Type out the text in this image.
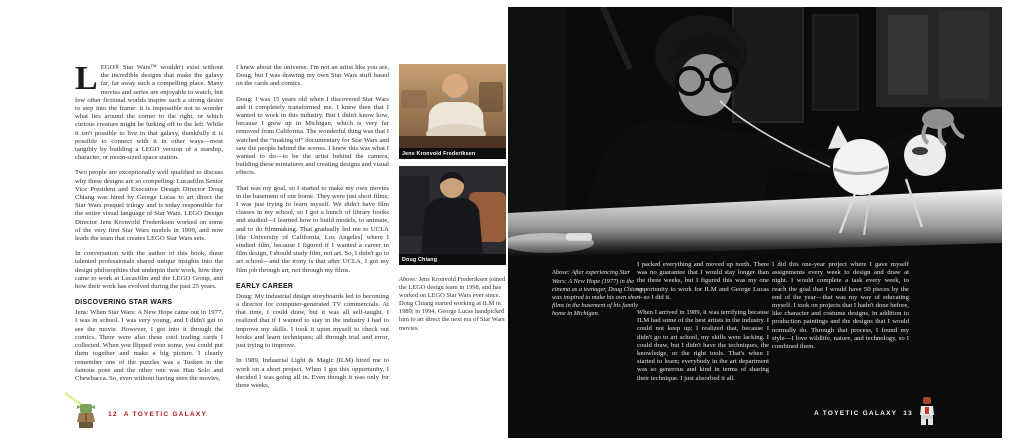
LEGO® Star Wars™ wouldn't exist without the incredible designs that make the galaxy far, far away such a compelling place. Many movies and series are enjoyable to watch, but few other fictional worlds inspire such a strong desire to step into the frame: it is impossible not to wonder what lies around the corner to the right, or which curious creature might be lurking off to the left. While it isn't possible to live in that galaxy, thankfully it is possible to connect with it in other ways—most tangibly by building a LEGO version of a starship, character, or moon-sized space station.

Two people are exceptionally well qualified to discuss why these designs are so compelling: Lucasfilm Senior Vice President and Executive Design Director Doug Chiang was hired by George Lucas to art direct the Star Wars prequel trilogy and is today responsible for the entire visual language of Star Wars. LEGO Design Director Jens Kronvold Frederiksen worked on some of the very first Star Wars models in 1999, and now leads the team that creates LEGO Star Wars sets.

In conversation with the author of this book, these talented professionals shared unique insights into the design philosophies that underpin their work, how they came to work at Lucasfilm and the LEGO Group, and how their work has evolved during the past 25 years.

DISCOVERING STAR WARS

Jens: When Star Wars: A New Hope came out in 1977, I was in school. I was very young, and I didn't get to see the movie. However, I got into it through the comics. There were also these cool trading cards I collected. When you flipped over some, you could put them together and make a big picture. I clearly remember one of the puzzles was a Tusken in the famous pose and the other one was Han Solo and Chewbacca. So, even without having seen the movies,

I knew about the universe. I'm not an artist like you are, Doug, but I was drawing my own Star Wars stuff based on the cards and comics.

Doug: I was 15 years old when I discovered Star Wars and it completely transformed me. I knew then that I wanted to work in this industry. But I didn't know how, because I grew up in Michigan, which is very far removed from California. The wonderful thing was that I watched the “making of” documentary for Star Wars and saw the people behind the scenes. I knew this was what I wanted to do—to be the artist behind the camera, building these miniatures and creating designs and visual effects.

That was my goal, so I started to make my own movies in the basement of our home. They were just short films; I was just trying to learn myself. We didn't have film classes in my school, so I got a bunch of library books and studied—I learned how to build models, to animate, and to do filmmaking. That gradually led me to UCLA [the University of California, Los Angeles] where I studied film, because I figured if I wanted a career in film design, I should study film, not art. So, I didn't go to art school—and the irony is that after UCLA, I got my film job through art, not through my films.

EARLY CAREER

Doug: My industrial design storyboards led to becoming a director for computer-generated TV commercials. At that time, I could draw, but it was all self-taught. I realized that if I wanted to stay in the industry I had to improve my skills. I took it upon myself to check out books and learn techniques; all through trial and error, just trying to improve.

In 1989, Industrial Light & Magic (ILM) hired me to work on a short project. When I got this opportunity, I decided I was going all in. Even though it was only for three weeks,

Jens Kronvold Frederiksen
Doug Chiang

Above: Jens Kronvold Frederiksen joined the LEGO design team in 1998, and has worked on LEGO Star Wars ever since. Doug Chiang started working at ILM in 1989; in 1994, George Lucas handpicked him to art direct the next era of Star Wars movies.

12 A TOYETIC GALAXY

Above: After experiencing Star Wars: A New Hope (1977) in the cinema as a teenager, Doug Chiang was inspired to make his own short films in the basement of his family home in Michigan.

I packed everything and moved up north. There was no guarantee that I would stay longer than the three weeks, but I figured this was my one opportunity to work for ILM and George Lucas—so I did it.

When I arrived in 1989, it was terrifying because ILM had some of the best artists in the industry. I could not keep up; I realized that, because I didn't go to art school, my skills were lacking. I could draw, but I didn't have the techniques, the knowledge, or the right tools. That's when I started to learn; everybody in the art department was so generous and kind in terms of sharing their technique. I just absorbed it all.

I did this one-year project where I gave myself assignments every week to design and draw at night. I would complete a task every week, to reach the goal that I would have 50 pieces by the end of the year—that was my way of educating myself. I took on projects that I hadn't done before, like character and costume designs, in addition to production paintings and the designs that I would normally do. Through that process, I found my style—I love wildlife, nature, and technology, so I combined them.

A TOYETIC GALAXY 13
